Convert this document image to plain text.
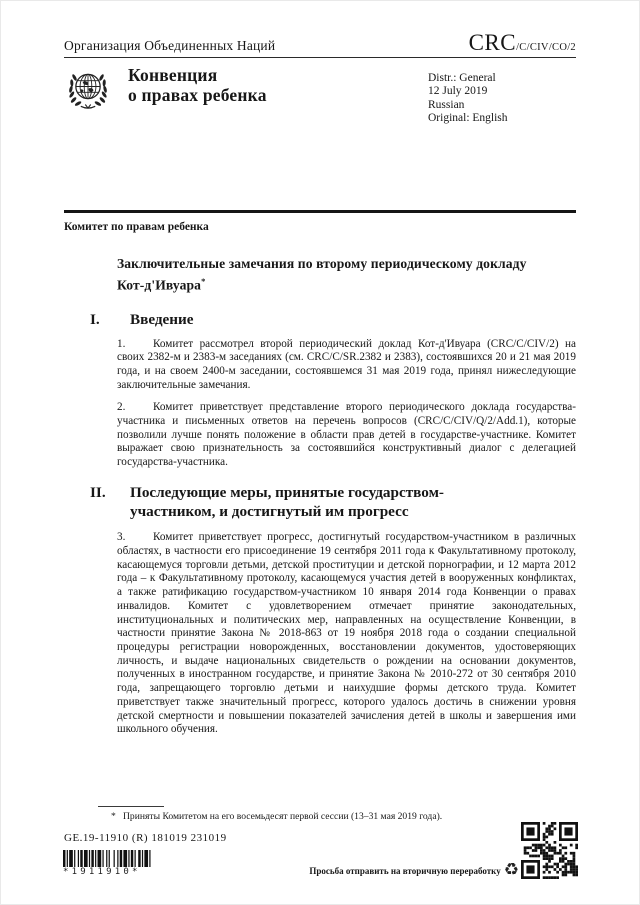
Организация Объединенных Наций	CRC/C/CIV/CO/2
Конвенция
о правах ребенка
Distr.: General
12 July 2019
Russian
Original: English
Комитет по правам ребенка
Заключительные замечания по второму периодическому докладу Кот-д'Ивуара*
I. Введение
1. Комитет рассмотрел второй периодический доклад Кот-д'Ивуара (CRC/C/CIV/2) на своих 2382-м и 2383-м заседаниях (см. CRC/C/SR.2382 и 2383), состоявшихся 20 и 21 мая 2019 года, и на своем 2400-м заседании, состоявшемся 31 мая 2019 года, принял нижеследующие заключительные замечания.
2. Комитет приветствует представление второго периодического доклада государства-участника и письменных ответов на перечень вопросов (CRC/C/CIV/Q/2/Add.1), которые позволили лучше понять положение в области прав детей в государстве-участнике. Комитет выражает свою признательность за состоявшийся конструктивный диалог с делегацией государства-участника.
II. Последующие меры, принятые государством-участником, и достигнутый им прогресс
3. Комитет приветствует прогресс, достигнутый государством-участником в различных областях, в частности его присоединение 19 сентября 2011 года к Факультативному протоколу, касающемуся торговли детьми, детской проституции и детской порнографии, и 12 марта 2012 года – к Факультативному протоколу, касающемуся участия детей в вооруженных конфликтах, а также ратификацию государством-участником 10 января 2014 года Конвенции о правах инвалидов. Комитет с удовлетворением отмечает принятие законодательных, институциональных и политических мер, направленных на осуществление Конвенции, в частности принятие Закона № 2018-863 от 19 ноября 2018 года о создании специальной процедуры регистрации новорожденных, восстановлении документов, удостоверяющих личность, и выдаче национальных свидетельств о рождении на основании документов, полученных в иностранном государстве, и принятие Закона № 2010-272 от 30 сентября 2010 года, запрещающего торговлю детьми и наихудшие формы детского труда. Комитет приветствует также значительный прогресс, которого удалось достичь в снижении уровня детской смертности и повышении показателей зачисления детей в школы и завершения ими школьного обучения.
* Приняты Комитетом на его восемьдесят первой сессии (13–31 мая 2019 года).
GE.19-11910 (R) 181019 231019
*1911910*	Просьба отправить на вторичную переработку ♻
